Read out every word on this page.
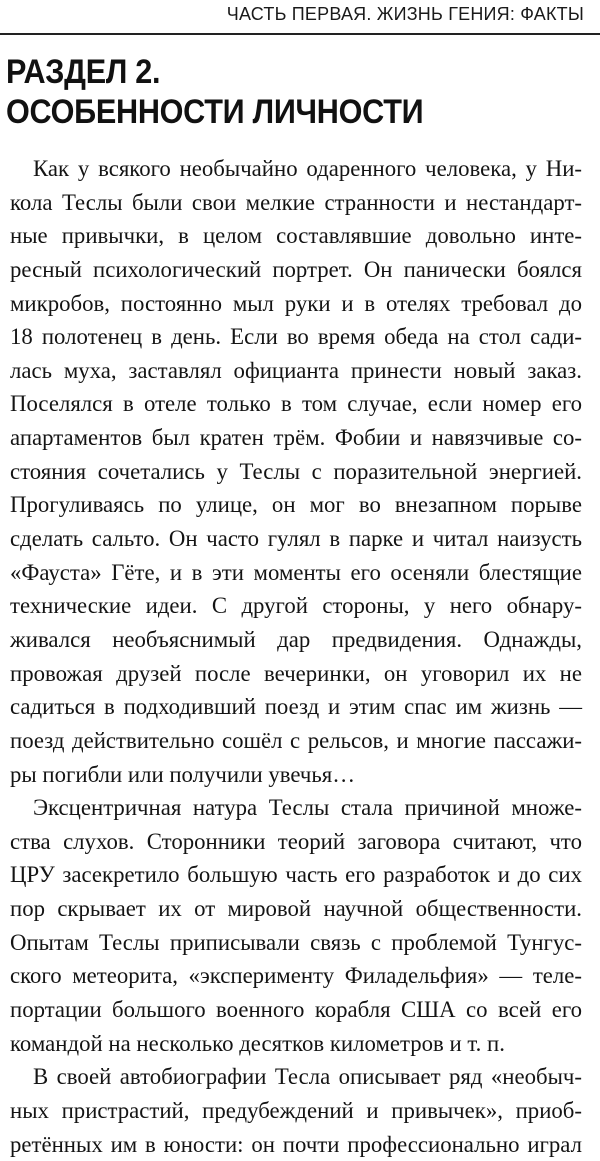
ЧАСТЬ ПЕРВАЯ. ЖИЗНЬ ГЕНИЯ: ФАКТЫ
РАЗДЕЛ 2.
ОСОБЕННОСТИ ЛИЧНОСТИ
Как у всякого необычайно одаренного человека, у Ни-
кола Теслы были свои мелкие странности и нестандарт-
ные привычки, в целом составлявшие довольно инте-
ресный психологический портрет. Он панически боялся
микробов, постоянно мыл руки и в отелях требовал до
18 полотенец в день. Если во время обеда на стол сади-
лась муха, заставлял официанта принести новый заказ.
Поселялся в отеле только в том случае, если номер его
апартаментов был кратен трём. Фобии и навязчивые со-
стояния сочетались у Теслы с поразительной энергией.
Прогуливаясь по улице, он мог во внезапном порыве
сделать сальто. Он часто гулял в парке и читал наизусть
«Фауста» Гёте, и в эти моменты его осеняли блестящие
технические идеи. С другой стороны, у него обнару-
живался необъяснимый дар предвидения. Однажды,
провожая друзей после вечеринки, он уговорил их не
садиться в подходивший поезд и этим спас им жизнь —
поезд действительно сошёл с рельсов, и многие пассажи-
ры погибли или получили увечья…
Эксцентричная натура Теслы стала причиной множе-
ства слухов. Сторонники теорий заговора считают, что
ЦРУ засекретило большую часть его разработок и до сих
пор скрывает их от мировой научной общественности.
Опытам Теслы приписывали связь с проблемой Тунгус-
ского метеорита, «эксперименту Филадельфия» — теле-
портации большого военного корабля США со всей его
командой на несколько десятков километров и т. п.
В своей автобиографии Тесла описывает ряд «необыч-
ных пристрастий, предубеждений и привычек», приоб-
ретённых им в юности: он почти профессионально играл
